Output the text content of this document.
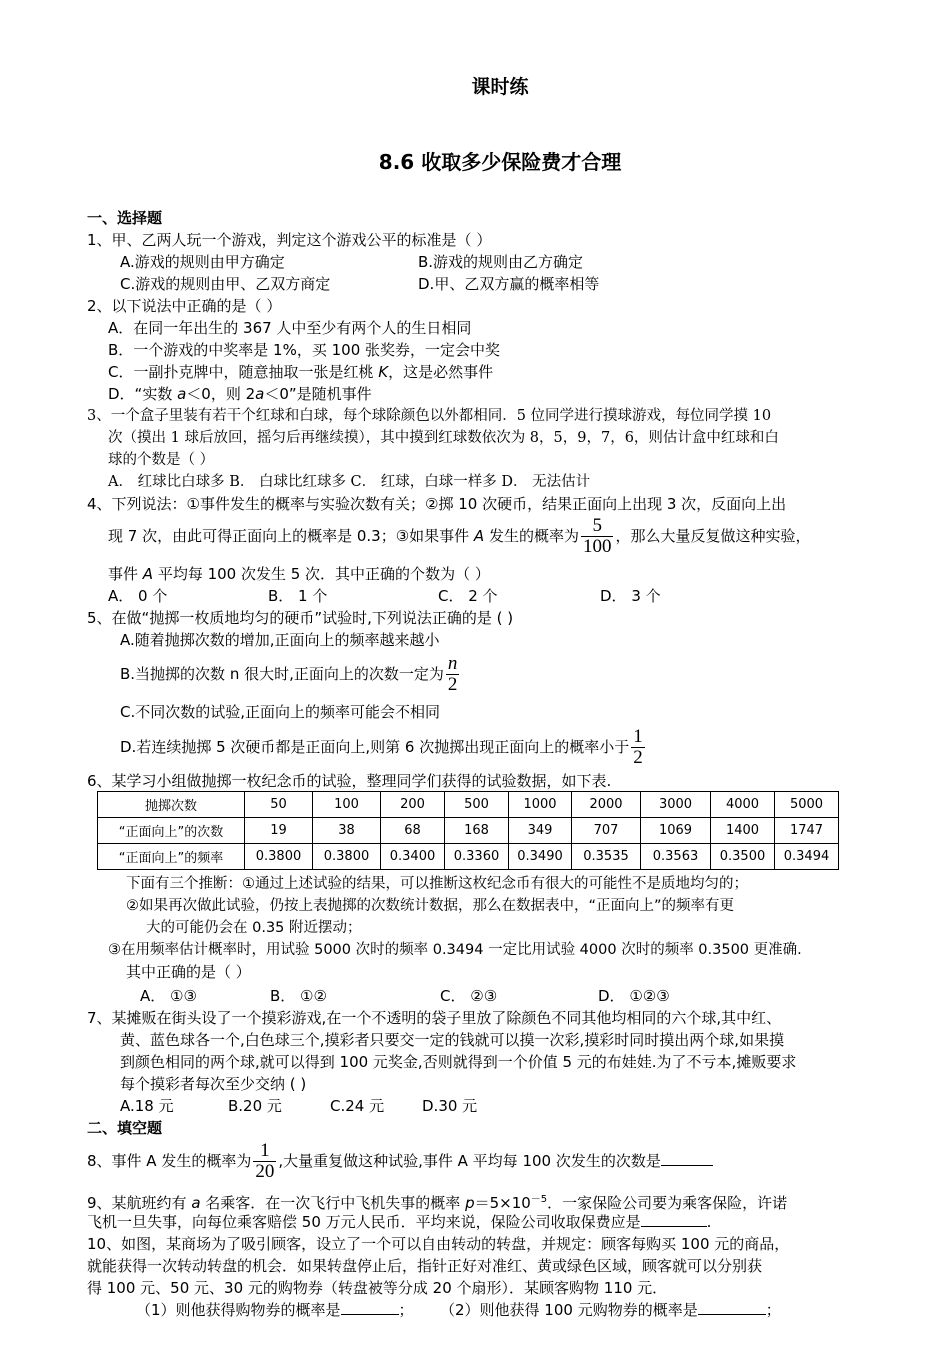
课时练
8.6 收取多少保险费才合理
一、选择题
1、甲、乙两人玩一个游戏，判定这个游戏公平的标准是（ ）
A.游戏的规则由甲方确定	B.游戏的规则由乙方确定
C.游戏的规则由甲、乙双方商定	D.甲、乙双方赢的概率相等
2、以下说法中正确的是（ ）
A．在同一年出生的 367 人中至少有两个人的生日相同
B．一个游戏的中奖率是 1%，买 100 张奖券，一定会中奖
C．一副扑克牌中，随意抽取一张是红桃 K，这是必然事件
D．“实数 a＜0，则 2a＜0”是随机事件
3、一个盒子里装有若干个红球和白球，每个球除颜色以外都相同．5 位同学进行摸球游戏，每位同学摸 10
次（摸出 1 球后放回，摇匀后再继续摸），其中摸到红球数依次为 8，5，9，7，6，则估计盒中红球和白
球的个数是（ ）
A． 红球比白球多 B． 白球比红球多 C． 红球，白球一样多 D． 无法估计
4、下列说法：①事件发生的概率与实验次数有关；②掷 10 次硬币，结果正面向上出现 3 次，反面向上出
现 7 次，由此可得正面向上的概率是 0.3；③如果事件 A 发生的概率为 $\frac{5}{100}$ ，那么大量反复做这种实验，
事件 A 平均每 100 次发生 5 次．其中正确的个数为（ ）
A． 0 个	B． 1 个	C． 2 个	D． 3 个
5、在做“抛掷一枚质地均匀的硬币”试验时,下列说法正确的是 ( )
A.随着抛掷次数的增加,正面向上的频率越来越小
B.当抛掷的次数 n 很大时,正面向上的次数一定为 $\frac{n}{2}$
C.不同次数的试验,正面向上的频率可能会不相同
D.若连续抛掷 5 次硬币都是正面向上,则第 6 次抛掷出现正面向上的概率小于 $\frac{1}{2}$
6、某学习小组做抛掷一枚纪念币的试验，整理同学们获得的试验数据，如下表.
抛掷次数	50	100	200	500	1000	2000	3000	4000	5000
“正面向上”的次数	19	38	68	168	349	707	1069	1400	1747
“正面向上”的频率	0.3800	0.3800	0.3400	0.3360	0.3490	0.3535	0.3563	0.3500	0.3494
下面有三个推断：①通过上述试验的结果，可以推断这枚纪念币有很大的可能性不是质地均匀的；
②如果再次做此试验，仍按上表抛掷的次数统计数据，那么在数据表中，“正面向上”的频率有更
大的可能仍会在 0.35 附近摆动；
③在用频率估计概率时，用试验 5000 次时的频率 0.3494 一定比用试验 4000 次时的频率 0.3500 更准确.
其中正确的是（ ）
A． ①③	B． ①②	C． ②③	D． ①②③
7、某摊贩在街头设了一个摸彩游戏,在一个不透明的袋子里放了除颜色不同其他均相同的六个球,其中红、
黄、蓝色球各一个,白色球三个,摸彩者只要交一定的钱就可以摸一次彩,摸彩时同时摸出两个球,如果摸
到颜色相同的两个球,就可以得到 100 元奖金,否则就得到一个价值 5 元的布娃娃.为了不亏本,摊贩要求
每个摸彩者每次至少交纳 ( )
A.18 元	B.20 元	C.24 元	D.30 元
二、填空题
8、事件 A 发生的概率为 $\frac{1}{20}$ ,大量重复做这种试验,事件 A 平均每 100 次发生的次数是
9、某航班约有 a 名乘客．在一次飞行中飞机失事的概率 $p=5\times 10^{-5}$．一家保险公司要为乘客保险，许诺
飞机一旦失事，向每位乘客赔偿 50 万元人民币．平均来说，保险公司收取保费应是	.
10、如图，某商场为了吸引顾客，设立了一个可以自由转动的转盘，并规定：顾客每购买 100 元的商品，
就能获得一次转动转盘的机会．如果转盘停止后，指针正好对准红、黄或绿色区域，顾客就可以分别获
得 100 元、50 元、30 元的购物券（转盘被等分成 20 个扇形）．某顾客购物 110 元．
（1）则他获得购物券的概率是	； （2）则他获得 100 元购物券的概率是	；
